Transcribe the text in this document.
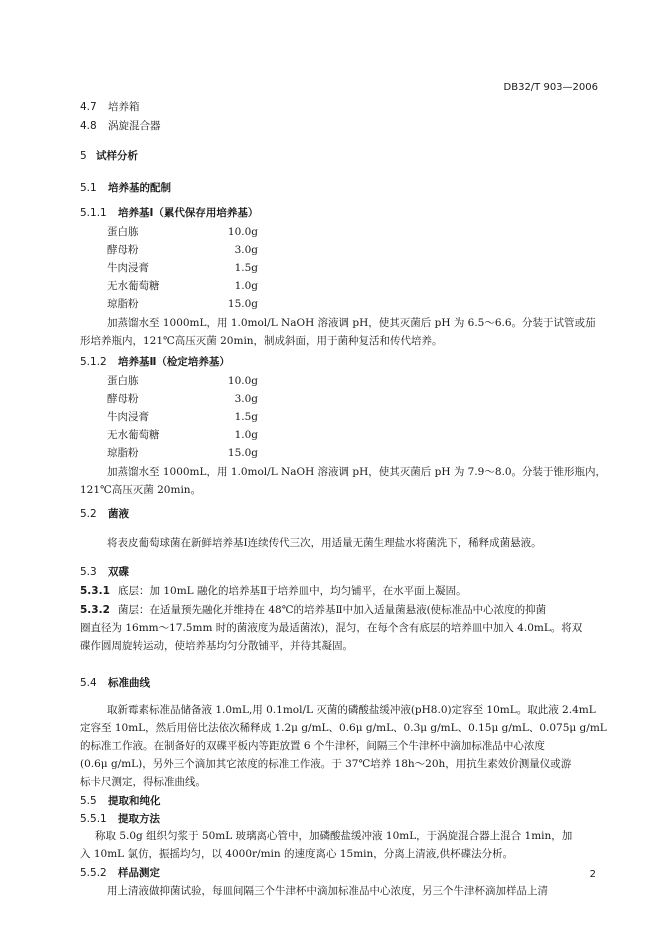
DB32/T 903—2006
4.7 培养箱
4.8 涡旋混合器
5 试样分析
5.1 培养基的配制
5.1.1 培养基Ⅰ（累代保存用培养基）
蛋白胨	10.0g
酵母粉	3.0g
牛肉浸膏	1.5g
无水葡萄糖	1.0g
琼脂粉	15.0g
加蒸馏水至 1000mL，用 1.0mol/L NaOH 溶液调 pH，使其灭菌后 pH 为 6.5～6.6。分装于试管或茄
形培养瓶内，121℃高压灭菌 20min，制成斜面，用于菌种复活和传代培养。
5.1.2 培养基Ⅱ（检定培养基）
蛋白胨	10.0g
酵母粉	3.0g
牛肉浸膏	1.5g
无水葡萄糖	1.0g
琼脂粉	15.0g
加蒸馏水至 1000mL，用 1.0mol/L NaOH 溶液调 pH，使其灭菌后 pH 为 7.9～8.0。分装于锥形瓶内，
121℃高压灭菌 20min。
5.2 菌液
将表皮葡萄球菌在新鲜培养基Ⅰ连续传代三次，用适量无菌生理盐水将菌洗下，稀释成菌悬液。
5.3 双碟
5.3.1 底层：加 10mL 融化的培养基Ⅱ于培养皿中，均匀铺平，在水平面上凝固。
5.3.2 菌层：在适量预先融化并维持在 48℃的培养基Ⅱ中加入适量菌悬液(使标准品中心浓度的抑菌
圈直径为 16mm～17.5mm 时的菌液度为最适菌浓)，混匀，在每个含有底层的培养皿中加入 4.0mL。将双
碟作圆周旋转运动，使培养基均匀分散铺平，并待其凝固。
5.4 标准曲线
取新霉素标准品储备液 1.0mL,用 0.1mol/L 灭菌的磷酸盐缓冲液(pH8.0)定容至 10mL。取此液 2.4mL
定容至 10mL，然后用倍比法依次稀释成 1.2μ g/mL、0.6μ g/mL、0.3μ g/mL、0.15μ g/mL、0.075μ g/mL
的标准工作液。在制备好的双碟平板内等距放置 6 个牛津杯，间隔三个牛津杯中滴加标准品中心浓度
(0.6μ g/mL)，另外三个滴加其它浓度的标准工作液。于 37℃培养 18h～20h，用抗生素效价测量仪或游
标卡尺测定，得标准曲线。
5.5 提取和纯化
5.5.1 提取方法
称取 5.0g 组织匀浆于 50mL 玻璃离心管中，加磷酸盐缓冲液 10mL，于涡旋混合器上混合 1min，加
入 10mL 氯仿，振摇均匀，以 4000r/min 的速度离心 15min，分离上清液,供杯碟法分析。
5.5.2 样品测定
用上清液做抑菌试验，每皿间隔三个牛津杯中滴加标准品中心浓度，另三个牛津杯滴加样品上清
2
